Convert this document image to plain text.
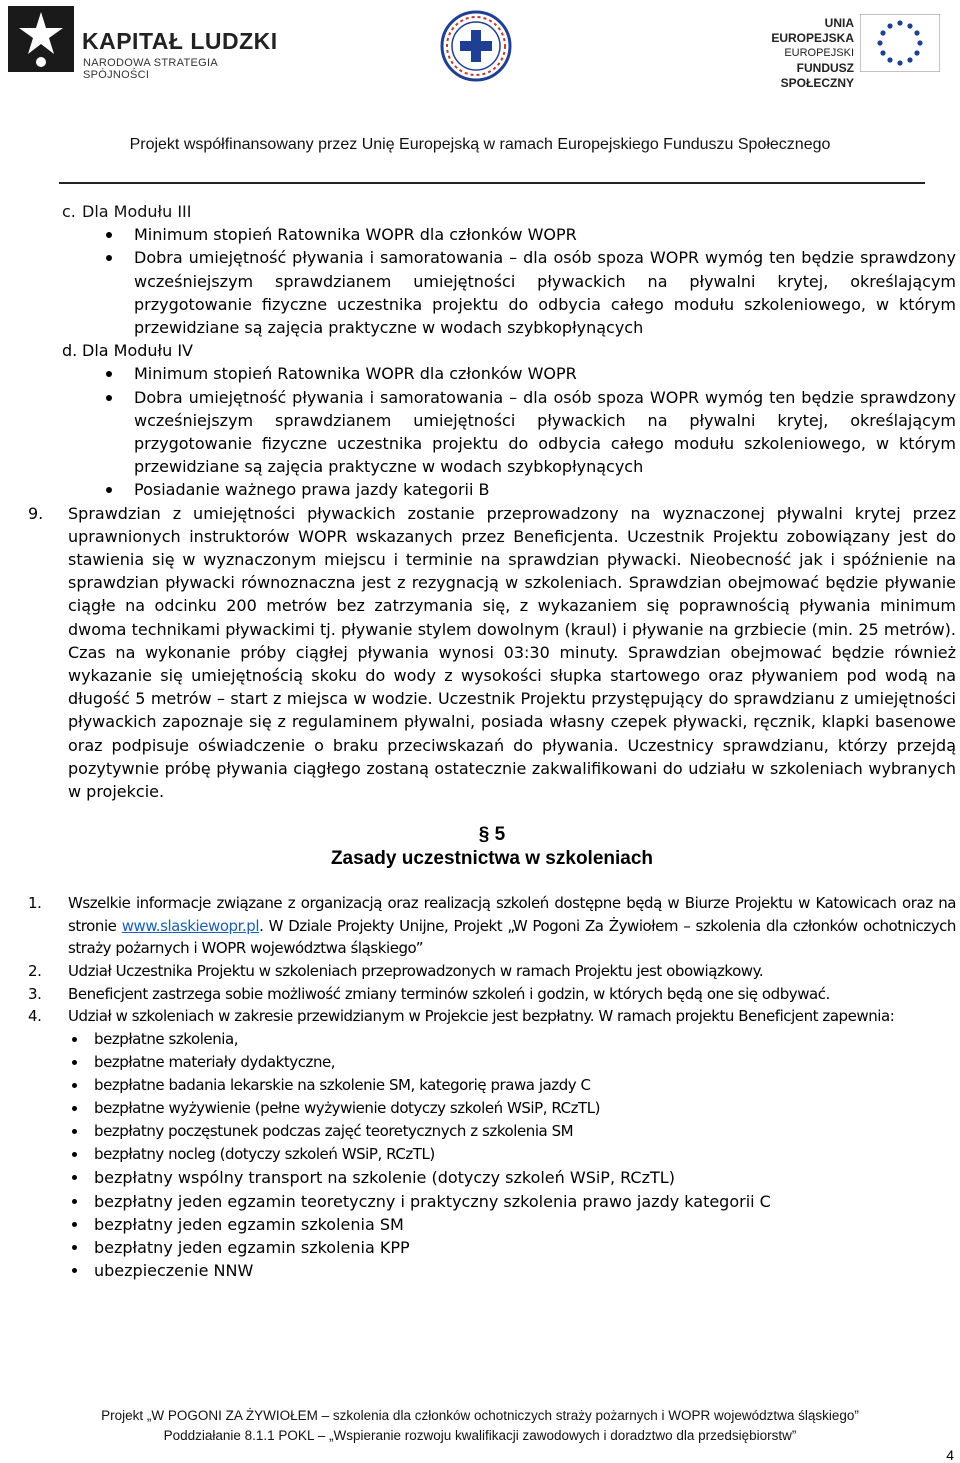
KAPITAŁ LUDZKI
NARODOWA STRATEGIA SPÓJNOŚCI
UNIA EUROPEJSKA
EUROPEJSKI
FUNDUSZ SPOŁECZNY
Projekt współfinansowany przez Unię Europejską w ramach Europejskiego Funduszu Społecznego
c. Dla Modułu III
Minimum stopień Ratownika WOPR dla członków WOPR
Dobra umiejętność pływania i samoratowania – dla osób spoza WOPR wymóg ten będzie sprawdzony wcześniejszym sprawdzianem umiejętności pływackich na pływalni krytej, określającym przygotowanie fizyczne uczestnika projektu do odbycia całego modułu szkoleniowego, w którym przewidziane są zajęcia praktyczne w wodach szybkopłynących
d. Dla Modułu IV
Minimum stopień Ratownika WOPR dla członków WOPR
Dobra umiejętność pływania i samoratowania – dla osób spoza WOPR wymóg ten będzie sprawdzony wcześniejszym sprawdzianem umiejętności pływackich na pływalni krytej, określającym przygotowanie fizyczne uczestnika projektu do odbycia całego modułu szkoleniowego, w którym przewidziane są zajęcia praktyczne w wodach szybkopłynących
Posiadanie ważnego prawa jazdy kategorii B
9. Sprawdzian z umiejętności pływackich zostanie przeprowadzony na wyznaczonej pływalni krytej przez uprawnionych instruktorów WOPR wskazanych przez Beneficjenta. Uczestnik Projektu zobowiązany jest do stawienia się w wyznaczonym miejscu i terminie na sprawdzian pływacki. Nieobecność jak i spóźnienie na sprawdzian pływacki równoznaczna jest z rezygnacją w szkoleniach. Sprawdzian obejmować będzie pływanie ciągłe na odcinku 200 metrów bez zatrzymania się, z wykazaniem się poprawnością pływania minimum dwoma technikami pływackimi tj. pływanie stylem dowolnym (kraul) i pływanie na grzbiecie (min. 25 metrów). Czas na wykonanie próby ciągłej pływania wynosi 03:30 minuty. Sprawdzian obejmować będzie również wykazanie się umiejętnością skoku do wody z wysokości słupka startowego oraz pływaniem pod wodą na długość 5 metrów – start z miejsca w wodzie. Uczestnik Projektu przystępujący do sprawdzianu z umiejętności pływackich zapoznaje się z regulaminem pływalni, posiada własny czepek pływacki, ręcznik, klapki basenowe oraz podpisuje oświadczenie o braku przeciwskazań do pływania. Uczestnicy sprawdzianu, którzy przejdą pozytywnie próbę pływania ciągłego zostaną ostatecznie zakwalifikowani do udziału w szkoleniach wybranych w projekcie.
§ 5
Zasady uczestnictwa w szkoleniach
1. Wszelkie informacje związane z organizacją oraz realizacją szkoleń dostępne będą w Biurze Projektu w Katowicach oraz na stronie www.slaskiewopr.pl. W Dziale Projekty Unijne, Projekt „W Pogoni Za Żywiołem – szkolenia dla członków ochotniczych straży pożarnych i WOPR województwa śląskiego”
2. Udział Uczestnika Projektu w szkoleniach przeprowadzonych w ramach Projektu jest obowiązkowy.
3. Beneficjent zastrzega sobie możliwość zmiany terminów szkoleń i godzin, w których będą one się odbywać.
4. Udział w szkoleniach w zakresie przewidzianym w Projekcie jest bezpłatny. W ramach projektu Beneficjent zapewnia:
bezpłatne szkolenia,
bezpłatne materiały dydaktyczne,
bezpłatne badania lekarskie na szkolenie SM, kategorię prawa jazdy C
bezpłatne wyżywienie (pełne wyżywienie dotyczy szkoleń WSiP, RCzTL)
bezpłatny poczęstunek podczas zajęć teoretycznych z szkolenia SM
bezpłatny nocleg (dotyczy szkoleń WSiP, RCzTL)
bezpłatny wspólny transport na szkolenie (dotyczy szkoleń WSiP, RCzTL)
bezpłatny jeden egzamin teoretyczny i praktyczny szkolenia prawo jazdy kategorii C
bezpłatny jeden egzamin szkolenia SM
bezpłatny jeden egzamin szkolenia KPP
ubezpieczenie NNW
Projekt „W POGONI ZA ŻYWIOŁEM – szkolenia dla członków ochotniczych straży pożarnych i WOPR województwa śląskiego”
Poddziałanie 8.1.1 POKL – „Wspieranie rozwoju kwalifikacji zawodowych i doradztwo dla przedsiębiorstw”
4
